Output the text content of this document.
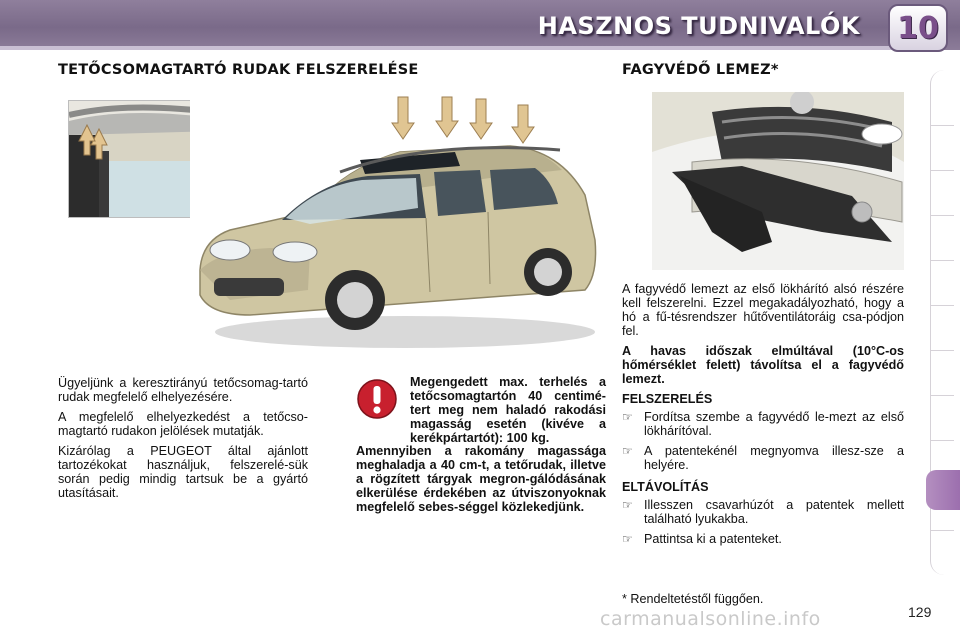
HASZNOS TUDNIVALÓK 10
TETŐCSOMAGTARTÓ RUDAK FELSZERELÉSE	FAGYVÉDŐ LEMEZ*

Ügyeljünk a keresztirányú tetőcsomag-tartó rudak megfelelő elhelyezésére.

A megfelelő elhelyezkedést a tetőcso-magtartó rudakon jelölések mutatják.

Kizárólag a PEUGEOT által ajánlott tartozékokat használjuk, felszerelé-sük során pedig mindig tartsuk be a gyártó utasításait.

Megengedett max. terhelés a tetőcsomagtartón 40 centimé-tert meg nem haladó rakodási magasság esetén (kivéve a kerékpártartót): 100 kg.
Amennyiben a rakomány magassága meghaladja a 40 cm-t, a tetőrudak, illetve a rögzített tárgyak megron-gálódásának elkerülése érdekében az útviszonyoknak megfelelő sebes-séggel közlekedjünk.

A fagyvédő lemezt az első lökhárító alsó részére kell felszerelni. Ezzel megakadályozható, hogy a hó a fű-tésrendszer hűtőventilátoráig csa-pódjon fel.

A havas időszak elmúltával (10°C-os hőmérséklet felett) távolítsa el a fagyvédő lemezt.

FELSZERELÉS
☞ Fordítsa szembe a fagyvédő le-mezt az első lökhárítóval.
☞ A patentekénél megnyomva illesz-sze a helyére.
ELTÁVOLÍTÁS
☞ Illesszen csavarhúzót a patentek mellett található lyukakba.
☞ Pattintsa ki a patenteket.
* Rendeltetéstől függően.
carmanualsonline.info	129
